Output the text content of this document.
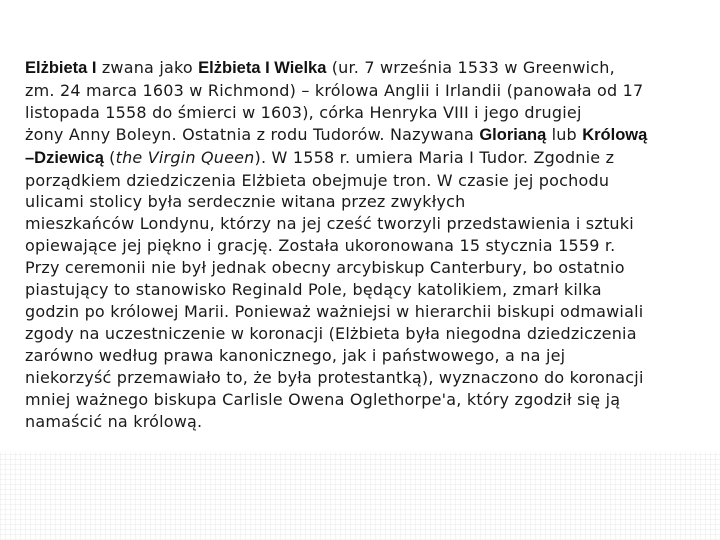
Elżbieta I zwana jako Elżbieta I Wielka (ur. 7 września 1533 w Greenwich,
zm. 24 marca 1603 w Richmond) – królowa Anglii i Irlandii (panowała od 17
listopada 1558 do śmierci w 1603), córka Henryka VIII i jego drugiej
żony Anny Boleyn. Ostatnia z rodu Tudorów. Nazywana Glorianą lub Królową
–Dziewicą (the Virgin Queen). W 1558 r. umiera Maria I Tudor. Zgodnie z
porządkiem dziedziczenia Elżbieta obejmuje tron. W czasie jej pochodu
ulicami stolicy była serdecznie witana przez zwykłych
mieszkańców Londynu, którzy na jej cześć tworzyli przedstawienia i sztuki
opiewające jej piękno i grację. Została ukoronowana 15 stycznia 1559 r.
Przy ceremonii nie był jednak obecny arcybiskup Canterbury, bo ostatnio
piastujący to stanowisko Reginald Pole, będący katolikiem, zmarł kilka
godzin po królowej Marii. Ponieważ ważniejsi w hierarchii biskupi odmawiali
zgody na uczestniczenie w koronacji (Elżbieta była niegodna dziedziczenia
zarówno według prawa kanonicznego, jak i państwowego, a na jej
niekorzyść przemawiało to, że była protestantką), wyznaczono do koronacji
mniej ważnego biskupa Carlisle Owena Oglethorpe'a, który zgodził się ją
namaścić na królową.
